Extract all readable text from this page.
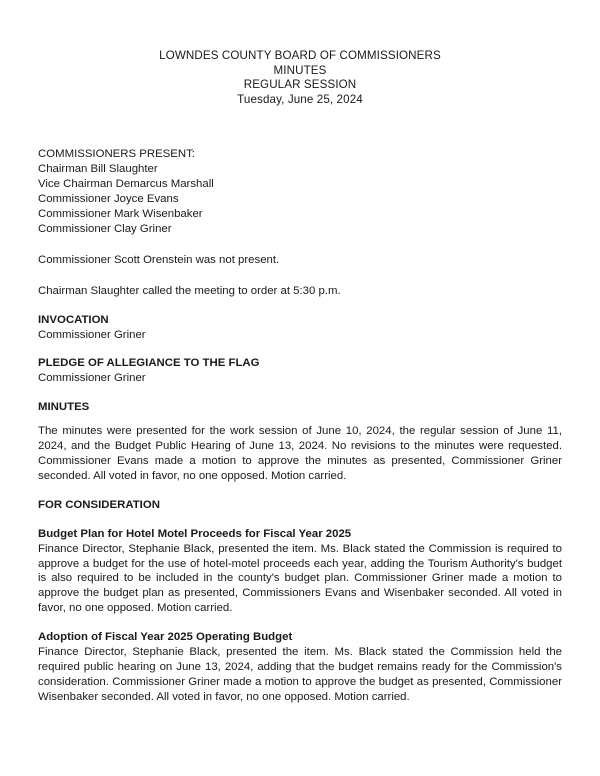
LOWNDES COUNTY BOARD OF COMMISSIONERS
MINUTES
REGULAR SESSION
Tuesday, June 25, 2024
COMMISSIONERS PRESENT:
Chairman Bill Slaughter
Vice Chairman Demarcus Marshall
Commissioner Joyce Evans
Commissioner Mark Wisenbaker
Commissioner Clay Griner
Commissioner Scott Orenstein was not present.
Chairman Slaughter called the meeting to order at 5:30 p.m.
INVOCATION
Commissioner Griner
PLEDGE OF ALLEGIANCE TO THE FLAG
Commissioner Griner
MINUTES

The minutes were presented for the work session of June 10, 2024, the regular session of June 11, 2024, and the Budget Public Hearing of June 13, 2024. No revisions to the minutes were requested. Commissioner Evans made a motion to approve the minutes as presented, Commissioner Griner seconded. All voted in favor, no one opposed. Motion carried.

FOR CONSIDERATION
Budget Plan for Hotel Motel Proceeds for Fiscal Year 2025

Finance Director, Stephanie Black, presented the item. Ms. Black stated the Commission is required to approve a budget for the use of hotel-motel proceeds each year, adding the Tourism Authority's budget is also required to be included in the county's budget plan. Commissioner Griner made a motion to approve the budget plan as presented, Commissioners Evans and Wisenbaker seconded. All voted in favor, no one opposed. Motion carried.

Adoption of Fiscal Year 2025 Operating Budget

Finance Director, Stephanie Black, presented the item. Ms. Black stated the Commission held the required public hearing on June 13, 2024, adding that the budget remains ready for the Commission's consideration. Commissioner Griner made a motion to approve the budget as presented, Commissioner Wisenbaker seconded. All voted in favor, no one opposed. Motion carried.
